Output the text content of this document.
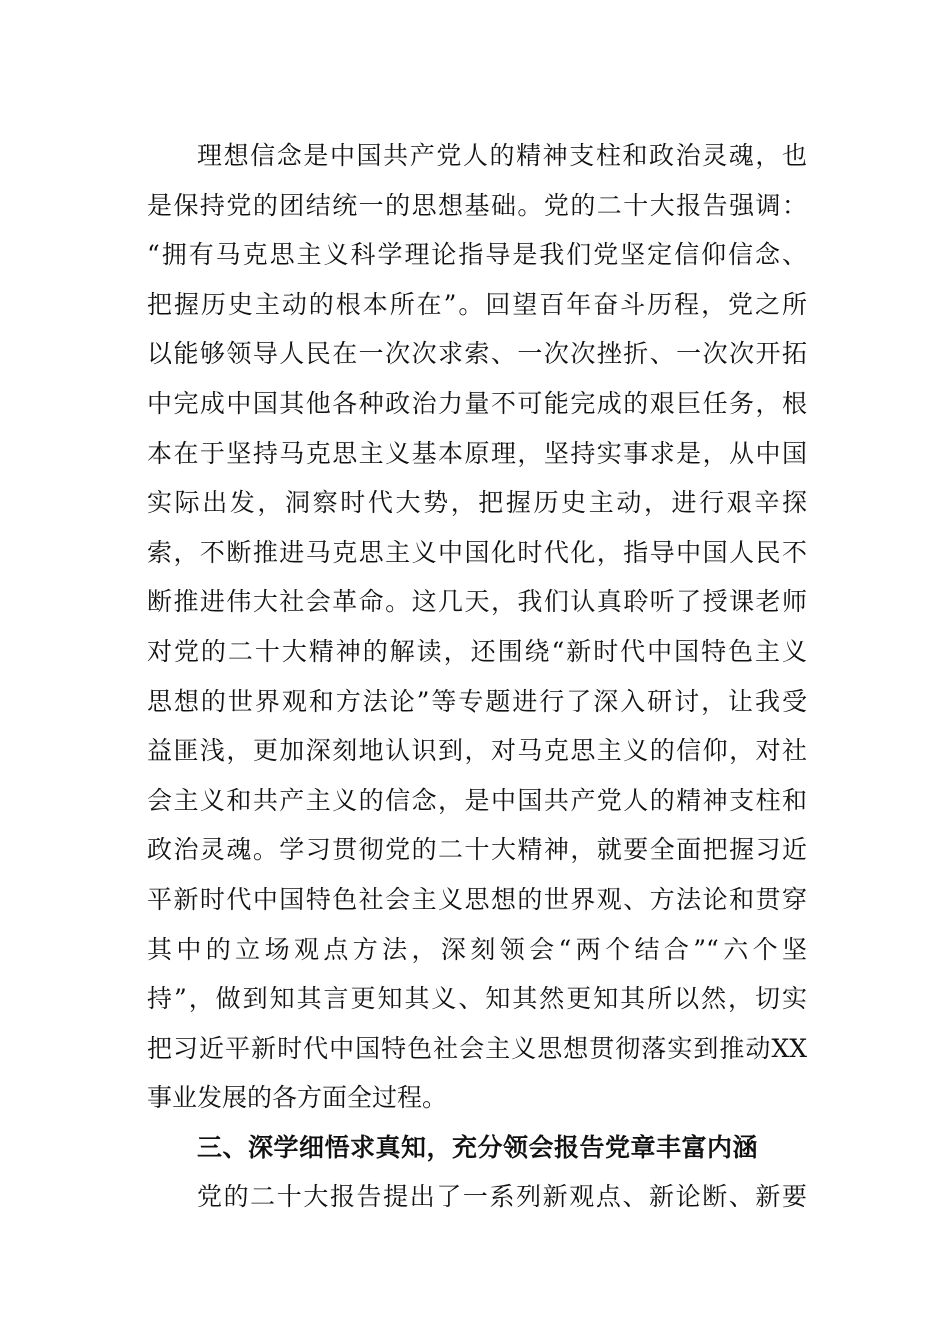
理想信念是中国共产党人的精神支柱和政治灵魂，也
是保持党的团结统一的思想基础。党的二十大报告强调：
“拥有马克思主义科学理论指导是我们党坚定信仰信念、
把握历史主动的根本所在”。回望百年奋斗历程，党之所
以能够领导人民在一次次求索、一次次挫折、一次次开拓
中完成中国其他各种政治力量不可能完成的艰巨任务，根
本在于坚持马克思主义基本原理，坚持实事求是，从中国
实际出发，洞察时代大势，把握历史主动，进行艰辛探
索，不断推进马克思主义中国化时代化，指导中国人民不
断推进伟大社会革命。这几天，我们认真聆听了授课老师
对党的二十大精神的解读，还围绕“新时代中国特色主义
思想的世界观和方法论”等专题进行了深入研讨，让我受
益匪浅，更加深刻地认识到，对马克思主义的信仰，对社
会主义和共产主义的信念，是中国共产党人的精神支柱和
政治灵魂。学习贯彻党的二十大精神，就要全面把握习近
平新时代中国特色社会主义思想的世界观、方法论和贯穿
其中的立场观点方法，深刻领会“两个结合”“六个坚
持”，做到知其言更知其义、知其然更知其所以然，切实
把习近平新时代中国特色社会主义思想贯彻落实到推动XX
事业发展的各方面全过程。
三、深学细悟求真知，充分领会报告党章丰富内涵
党的二十大报告提出了一系列新观点、新论断、新要
